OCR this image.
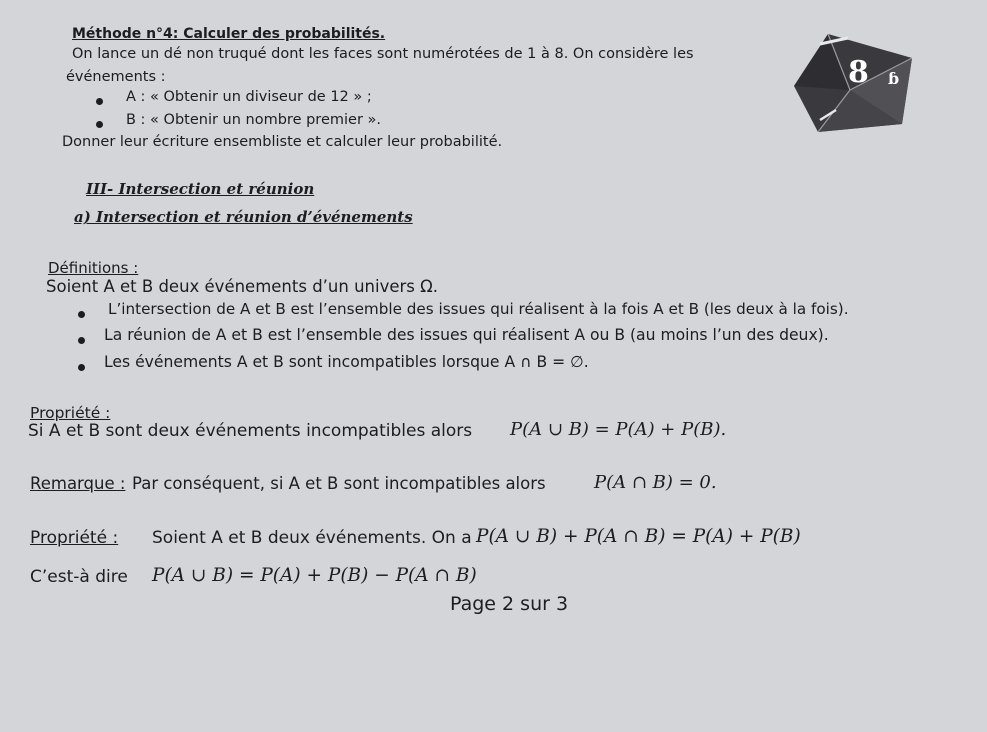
Méthode n°4: Calculer des probabilités.
On lance un dé non truqué dont les faces sont numérotées de 1 à 8. On considère les
événements :
A : « Obtenir un diviseur de 12 » ;
B : « Obtenir un nombre premier ».
Donner leur écriture ensembliste et calculer leur probabilité.
8 ɓ
III- Intersection et réunion
a) Intersection et réunion d’événements
Définitions :
Soient A et B deux événements d’un univers Ω.
L’intersection de A et B est l’ensemble des issues qui réalisent à la fois A et B (les deux à la fois).
La réunion de A et B est l’ensemble des issues qui réalisent A ou B (au moins l’un des deux).
Les événements A et B sont incompatibles lorsque A ∩ B = ∅.
Propriété :
Si A et B sont deux événements incompatibles alors P(A ∪ B) = P(A) + P(B).
Remarque : Par conséquent, si A et B sont incompatibles alors	P(A ∩ B) = 0.
Propriété : Soient A et B deux événements. On a P(A ∪ B) + P(A ∩ B) = P(A) + P(B)
C’est-à dire P(A ∪ B) = P(A) + P(B) − P(A ∩ B)
Page 2 sur 3
